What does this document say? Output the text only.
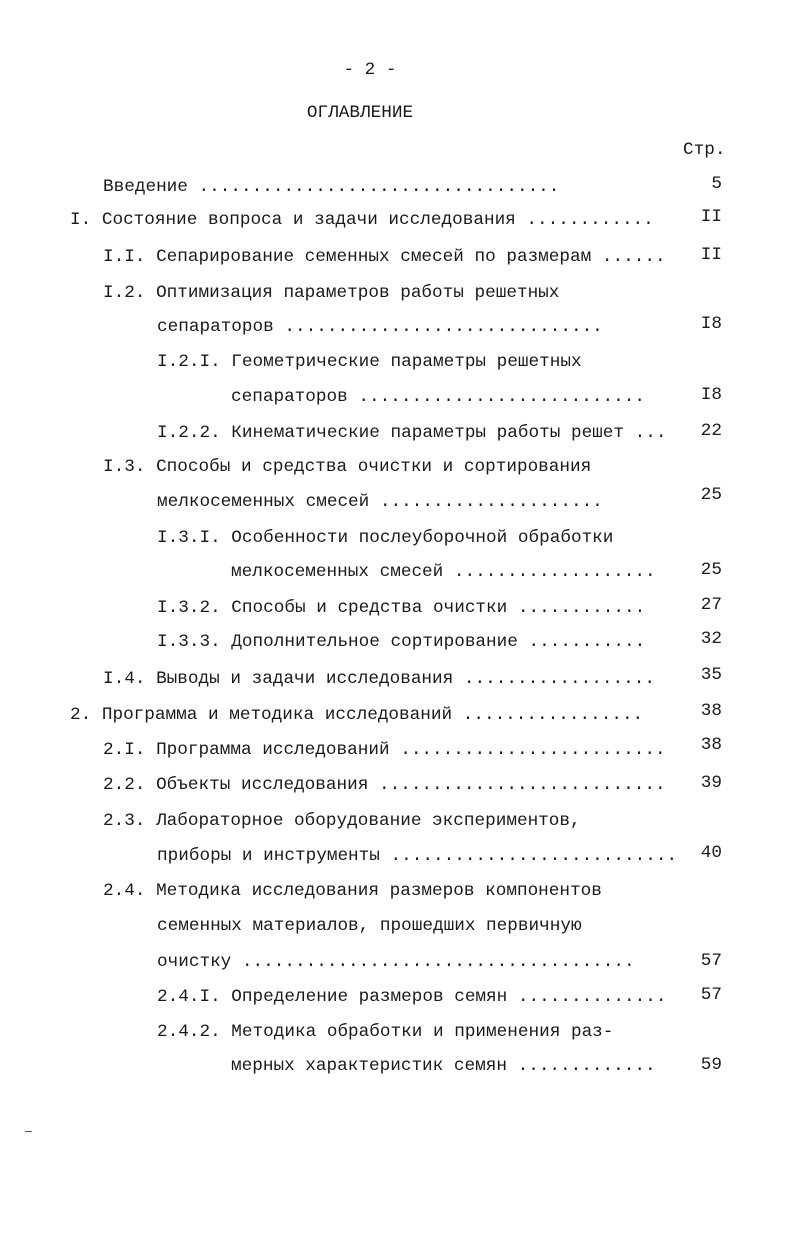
- 2 -
ОГЛАВЛЕНИЕ
Стр.
Введение ..................................	5
I. Состояние вопроса и задачи исследования ............	II
I.I. Сепарирование семенных смесей по размерам ...... II
I.2. Оптимизация параметров работы решетных
сепараторов ..............................	I8
I.2.I. Геометрические параметры решетных
сепараторов ...........................	I8
I.2.2. Кинематические параметры работы решет ... 22
I.3. Способы и средства очистки и сортирования
мелкосеменных смесей .....................	25
I.3.I. Особенности послеуборочной обработки
мелкосеменных смесей ...................	25
I.3.2. Способы и средства очистки ............	27
I.3.3. Дополнительное сортирование ...........	32
I.4. Выводы и задачи исследования ..................	35
2. Программа и методика исследований .................	38
2.I. Программа исследований ......................... 38
2.2. Объекты исследования ........................... 39
2.3. Лабораторное оборудование экспериментов,
приборы и инструменты ........................... 40
2.4. Методика исследования размеров компонентов
семенных материалов, прошедших первичную
очистку .....................................	57
2.4.I. Определение размеров семян .............. 57
2.4.2. Методика обработки и применения раз-
мерных характеристик семян .............	59
